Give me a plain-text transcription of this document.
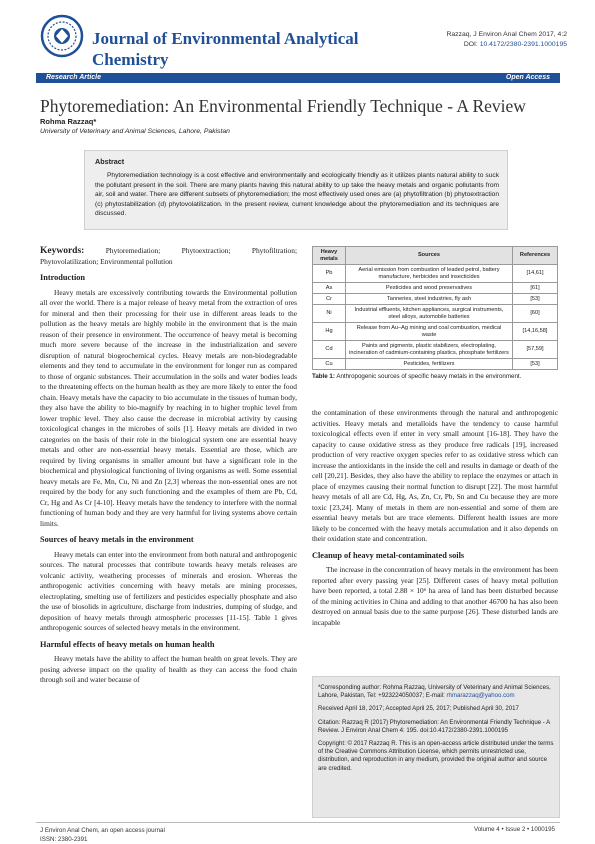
Journal of Environmental Analytical
Chemistry
Razzaq, J Environ Anal Chem 2017, 4:2
DOI: 10.4172/2380-2391.1000195
Research Article	Open Access
Phytoremediation: An Environmental Friendly Technique - A Review
Rohma Razzaq*
University of Veterinary and Animal Sciences, Lahore, Pakistan
Abstract
Phytoremediation technology is a cost effective and environmentally and ecologically friendly as it utilizes plants natural ability to suck the pollutant present in the soil. There are many plants having this natural ability to up take the heavy metals and organic pollutants from air, soil and water. There are different subsets of phytoremediation; the most effectively used ones are (a) phytofiltration (b) phytoextraction (c) phytostabilization (d) phytovolatilization. In the present review, current knowledge about the phytoremediation and its techniques are discussed.
Keywords:	Phytoremediation; Phytoextraction; Phytofiltration; Phytovolatilization; Environmental pollution
Introduction

Heavy metals are excessively contributing towards the Environmental pollution all over the world. There is a major release of heavy metal from the extraction of ores for mineral and then their processing for their use in different areas leads to the pollution as the heavy metals are highly mobile in the environment that is the main reason of their presence in environment. The occurrence of heavy metal is becoming much more severe because of the increase in the industrialization and severe disruption of natural biogeochemical cycles. Heavy metals are non-biodegradable elements and they tend to accumulate in the environment for longer run as compared to those of organic substances. Their accumulation in the soils and water bodies leads to the threatening effects on the human health as they are more likely to enter the food chain. Heavy metals have the capacity to bio accumulate in the tissues of human body, they also have the ability to bio-magnify by reaching in to higher trophic level from lower trophic level. They also cause the decrease in microbial activity by causing toxicological changes in the microbes of soils [1]. Heavy metals are divided in two categories on the basis of their role in the biological system one are essential heavy metals and other are non-essential heavy metals. Essential are those, which are required by living organisms in smaller amount but have a significant role in the biochemical and physiological functioning of living organisms as well. Some essential heavy metals are Fe, Mn, Cu, Ni and Zn [2,3] whereas the non-essential ones are not required by the body for any such functioning and the examples of them are Pb, Cd, Cr, Hg and As Cr [4-10]. Heavy metals have the tendency to interfere with the normal functioning of human body and they are very harmful for living systems above certain limits.

Sources of heavy metals in the environment

Heavy metals can enter into the environment from both natural and anthropogenic sources. The natural processes that contribute towards heavy metals releases are volcanic activity, weathering processes of minerals and erosion. Whereas the anthropogenic activities concerning with heavy metals are mining processes, electroplating, smelting use of fertilizers and pesticides especially phosphate and also the use of biosolids in agriculture, discharge from industries, dumping of sludge, and deposition of heavy metals through atmospheric processes [11-15]. Table 1 gives anthropogenic sources of selected heavy metals in the environment.

Harmful effects of heavy metals on human health

Heavy metals have the ability to affect the human health on great levels. They are posing adverse impact on the quality of health as they can access the food chain through soil and water because of

Heavy metals	Sources	References
Pb	Aerial emission from combustion of leaded petrol, battery manufacture, herbicides and insecticides	[14,61]
As	Pesticides and wood preservatives	[61]
Cr	Tanneries, steel industries, fly ash	[53]
Ni	Industrial effluents, kitchen appliances, surgical instruments, steel alloys, automobile batteries	[60]
Hg	Release from Au–Ag mining and coal combustion, medical waste	[14,16,58]
Cd	Paints and pigments, plastic stabilizers, electroplating, incineration of cadmium-containing plastics, phosphate fertilizers	[57,59]
Cu	Pesticides, fertilizers	[53]
Table 1: Anthropogenic sources of specific heavy metals in the environment.

the contamination of these environments through the natural and anthropogenic activities. Heavy metals and metalloids have the tendency to cause harmful toxicological effects even if enter in very small amount [16-18]. They have the capacity to cause oxidative stress as they produce free radicals [19], increased production of very reactive oxygen species refer to as oxidative stress which can increase the antioxidants in the inside the cell and results in damage or death of the cell [20,21]. Besides, they also have the ability to replace the enzymes or attach in place of enzymes causing their normal function to disrupt [22]. The most harmful heavy metals of all are Cd, Hg, As, Zn, Cr, Pb, Sn and Cu because they are more toxic [23,24]. Many of metals in them are non-essential and some of them are essential heavy metals but are trace elements. Different health issues are more likely to be concerned with the heavy metals accumulation and it also depends on their oxidation state and concentration.

Cleanup of heavy metal-contaminated soils

The increase in the concentration of heavy metals in the environment has been reported after every passing year [25]. Different cases of heavy metal pollution have been reported, a total 2.88 × 10⁶ ha area of land has been disturbed because of the mining activities in China and adding to that another 46700 ha has also been destroyed on annual basis due to the same purpose [26]. These disturbed lands are incapable

*Corresponding author: Rohma Razzaq, University of Veterinary and Animal Sciences, Lahore, Pakistan, Tel: +923224050037; E-mail: rhmarazzaq@yahoo.com

Received April 18, 2017; Accepted April 25, 2017; Published April 30, 2017

Citation: Razzaq R (2017) Phytoremediation: An Environmental Friendly Technique - A Review. J Environ Anal Chem 4: 195. doi:10.4172/2380-2391.1000195

Copyright: © 2017 Razzaq R. This is an open-access article distributed under the terms of the Creative Commons Attribution License, which permits unrestricted use, distribution, and reproduction in any medium, provided the original author and source are credited.

J Environ Anal Chem, an open access journal
ISSN: 2380-2391
Volume 4 • Issue 2 • 1000195
